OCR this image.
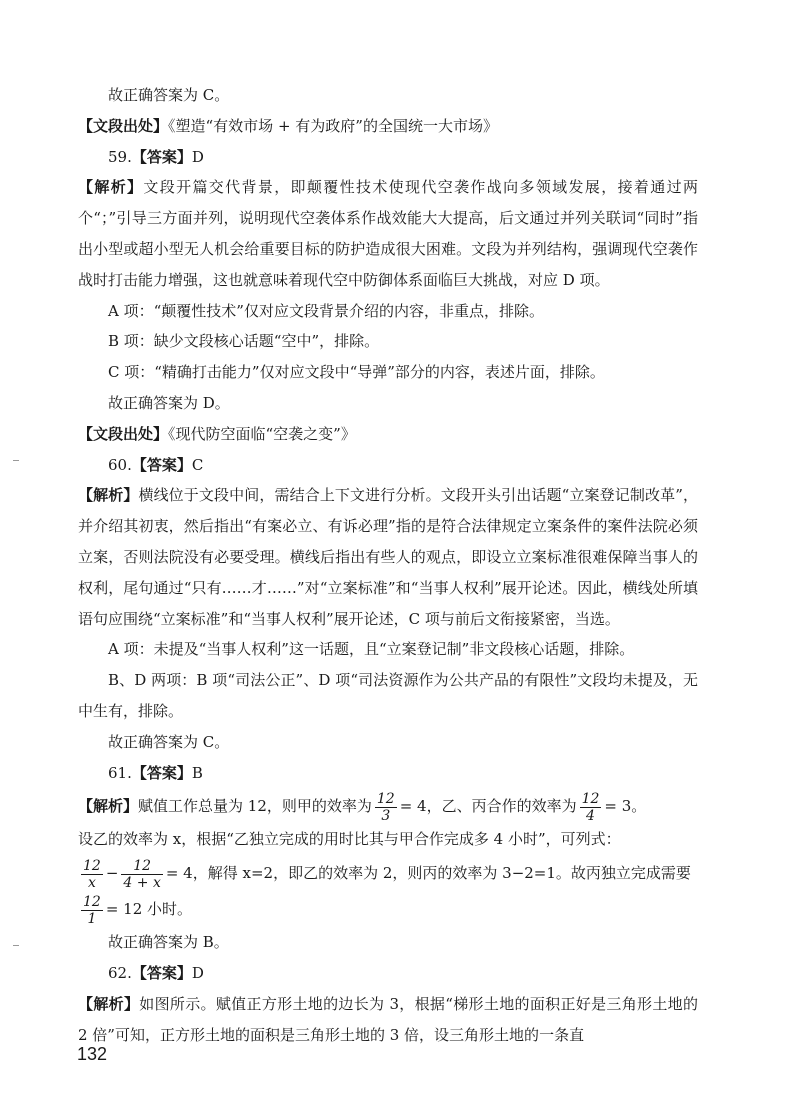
故正确答案为 C。

【文段出处】《塑造“有效市场 + 有为政府”的全国统一大市场》

59.【答案】D

【解析】文段开篇交代背景，即颠覆性技术使现代空袭作战向多领域发展，接着通过两个“；”引导三方面并列，说明现代空袭体系作战效能大大提高，后文通过并列关联词“同时”指出小型或超小型无人机会给重要目标的防护造成很大困难。文段为并列结构，强调现代空袭作战时打击能力增强，这也就意味着现代空中防御体系面临巨大挑战，对应 D 项。

A 项：“颠覆性技术”仅对应文段背景介绍的内容，非重点，排除。

B 项：缺少文段核心话题“空中”，排除。

C 项：“精确打击能力”仅对应文段中“导弹”部分的内容，表述片面，排除。

故正确答案为 D。

【文段出处】《现代防空面临“空袭之变”》

60.【答案】C

【解析】横线位于文段中间，需结合上下文进行分析。文段开头引出话题“立案登记制改革”，并介绍其初衷，然后指出“有案必立、有诉必理”指的是符合法律规定立案条件的案件法院必须立案，否则法院没有必要受理。横线后指出有些人的观点，即设立立案标准很难保障当事人的权利，尾句通过“只有……才……”对“立案标准”和“当事人权利”展开论述。因此，横线处所填语句应围绕“立案标准”和“当事人权利”展开论述，C 项与前后文衔接紧密，当选。

A 项：未提及“当事人权利”这一话题，且“立案登记制”非文段核心话题，排除。

B、D 两项：B 项“司法公正”、D 项“司法资源作为公共产品的有限性”文段均未提及，无中生有，排除。

故正确答案为 C。

61.【答案】B

【解析】赋值工作总量为 12，则甲的效率为 $\frac{12}{3} = 4$，乙、丙合作的效率为 $\frac{12}{4} = 3$。

设乙的效率为 x，根据“乙独立完成的用时比其与甲合作完成多 4 小时”，可列式：

$\frac{12}{x} - \frac{12}{4 + x} = 4$，解得 x=2，即乙的效率为 2，则丙的效率为 3−2=1。故丙独立完成需要

$\frac{12}{1} = 12$ 小时。

故正确答案为 B。

62.【答案】D

【解析】如图所示。赋值正方形土地的边长为 3，根据“梯形土地的面积正好是三角形土地的 2 倍”可知，正方形土地的面积是三角形土地的 3 倍，设三角形土地的一条直

132
